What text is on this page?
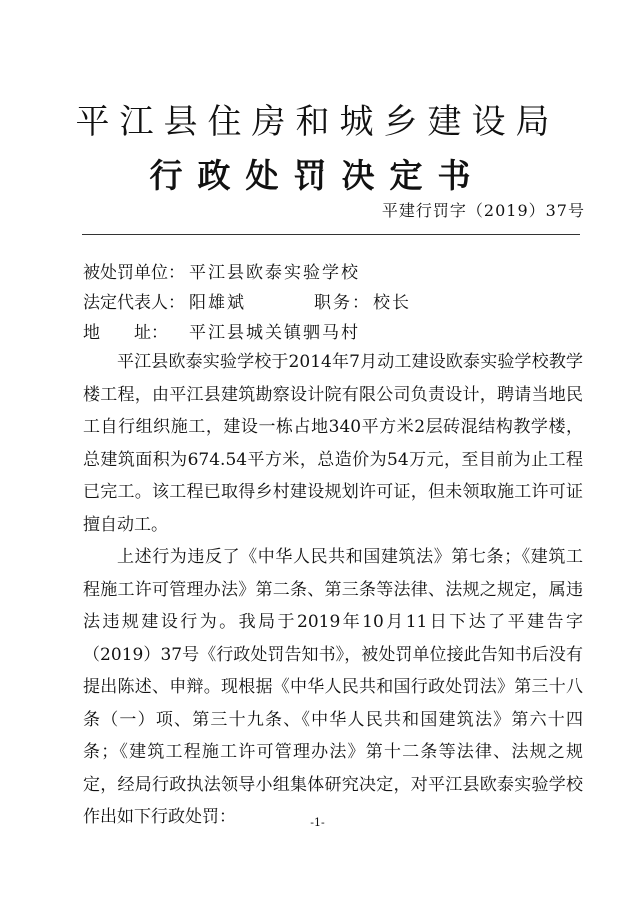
平江县住房和城乡建设局
行政处罚决定书
平建行罚字（2019）37号
被处罚单位： 平江县欧泰实验学校
法定代表人： 阳雄斌	职务： 校长
地　　址： 平江县城关镇驷马村

平江县欧泰实验学校于2014年7月动工建设欧泰实验学校教学楼工程，由平江县建筑勘察设计院有限公司负责设计，聘请当地民工自行组织施工，建设一栋占地340平方米2层砖混结构教学楼，总建筑面积为674.54平方米，总造价为54万元，至目前为止工程已完工。该工程已取得乡村建设规划许可证，但未领取施工许可证擅自动工。

上述行为违反了《中华人民共和国建筑法》第七条；《建筑工程施工许可管理办法》第二条、第三条等法律、法规之规定，属违法违规建设行为。我局于2019年10月11日下达了平建告字（2019）37号《行政处罚告知书》，被处罚单位接此告知书后没有提出陈述、申辩。现根据《中华人民共和国行政处罚法》第三十八条（一）项、第三十九条、《中华人民共和国建筑法》第六十四条；《建筑工程施工许可管理办法》第十二条等法律、法规之规定，经局行政执法领导小组集体研究决定，对平江县欧泰实验学校作出如下行政处罚：	-1-
